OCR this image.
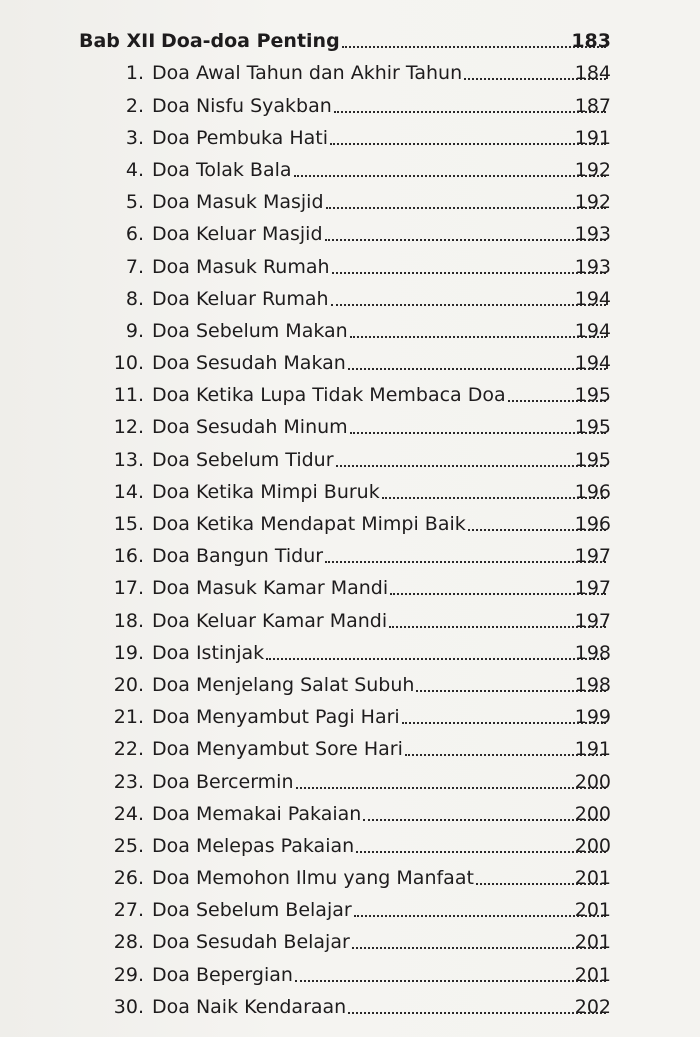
Bab XII Doa-doa Penting	183
1. Doa Awal Tahun dan Akhir Tahun	184
2. Doa Nisfu Syakban	187
3. Doa Pembuka Hati	191
4. Doa Tolak Bala	192
5. Doa Masuk Masjid	192
6. Doa Keluar Masjid	193
7. Doa Masuk Rumah	193
8. Doa Keluar Rumah	194
9. Doa Sebelum Makan	194
10. Doa Sesudah Makan	194
11. Doa Ketika Lupa Tidak Membaca Doa	195
12. Doa Sesudah Minum	195
13. Doa Sebelum Tidur	195
14. Doa Ketika Mimpi Buruk	196
15. Doa Ketika Mendapat Mimpi Baik	196
16. Doa Bangun Tidur	197
17. Doa Masuk Kamar Mandi	197
18. Doa Keluar Kamar Mandi	197
19. Doa Istinjak	198
20. Doa Menjelang Salat Subuh	198
21. Doa Menyambut Pagi Hari	199
22. Doa Menyambut Sore Hari	191
23. Doa Bercermin	200
24. Doa Memakai Pakaian	200
25. Doa Melepas Pakaian	200
26. Doa Memohon Ilmu yang Manfaat	201
27. Doa Sebelum Belajar	201
28. Doa Sesudah Belajar	201
29. Doa Bepergian	201
30. Doa Naik Kendaraan	202
